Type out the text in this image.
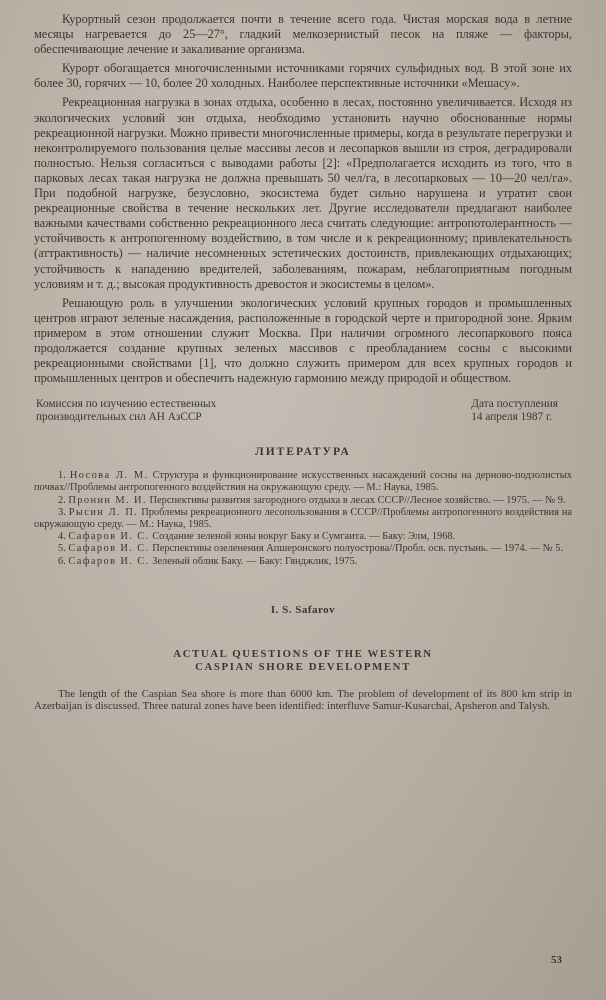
Курортный сезон продолжается почти в течение всего года. Чистая морская вода в летние месяцы нагревается до 25—27°, гладкий мелкозернистый песок на пляже — факторы, обеспечивающие лечение и закаливание организма.

Курорт обогащается многочисленными источниками горячих сульфидных вод. В этой зоне их более 30, горячих — 10, более 20 холодных. Наиболее перспективные источники «Мешасу».

Рекреационная нагрузка в зонах отдыха, особенно в лесах, постоянно увеличивается. Исходя из экологических условий зон отдыха, необходимо установить научно обоснованные нормы рекреационной нагрузки. Можно привести многочисленные примеры, когда в результате перегрузки и неконтролируемого пользования целые массивы лесов и лесопарков вышли из строя, деградировали полностью. Нельзя согласиться с выводами работы [2]: «Предполагается исходить из того, что в парковых лесах такая нагрузка не должна превышать 50 чел/га, в лесопарковых — 10—20 чел/га». При подобной нагрузке, безусловно, экосистема будет сильно нарушена и утратит свои рекреационные свойства в течение нескольких лет. Другие исследователи предлагают наиболее важными качествами собственно рекреационного леса считать следующие: антропотолерантность — устойчивость к антропогенному воздействию, в том числе и к рекреационному; привлекательность (аттрактивность) — наличие несомненных эстетических достоинств, привлекающих отдыхающих; устойчивость к нападению вредителей, заболеваниям, пожарам, неблагоприятным погодным условиям и т. д.; высокая продуктивность древостоя и экосистемы в целом».

Решающую роль в улучшении экологических условий крупных городов и промышленных центров играют зеленые насаждения, расположенные в городской черте и пригородной зоне. Ярким примером в этом отношении служит Москва. При наличии огромного лесопаркового пояса продолжается создание крупных зеленых массивов с преобладанием сосны с высокими рекреационными свойствами [1], что должно служить примером для всех крупных городов и промышленных центров и обеспечить надежную гармонию между природой и обществом.

Комиссия по изучению естественных
производительных сил АН АзССР
Дата поступления
14 апреля 1987 г.
ЛИТЕРАТУРА

1. Носова Л. М. Структура и функционирование искусственных насаждений сосны на дерново-подзолистых почвах//Проблемы антропогенного воздействия на окружающую среду. — М.: Наука, 1985.

2. Пронин М. И. Перспективы развития загородного отдыха в лесах СССР//Лесное хозяйство. — 1975. — № 9.

3. Рысин Л. П. Проблемы рекреационного лесопользования в СССР//Проблемы антропогенного воздействия на окружающую среду. — М.: Наука, 1985.

4. Сафаров И. С. Создание зеленой зоны вокруг Баку и Сумгаита. — Баку: Элм, 1968.

5. Сафаров И. С. Перспективы озеленения Апшеронского полуострова//Пробл. осв. пустынь. — 1974. — № 5.

6. Сафаров И. С. Зеленый облик Баку. — Баку: Гянджлик, 1975.

I. S. Safarov
ACTUAL QUESTIONS OF THE WESTERN
CASPIAN SHORE DEVELOPMENT

The length of the Caspian Sea shore is more than 6000 km. The problem of development of its 800 km strip in Azerbaijan is discussed. Three natural zones have been identified: interfluve Samur-Kusarchai, Apsheron and Talysh.

53
